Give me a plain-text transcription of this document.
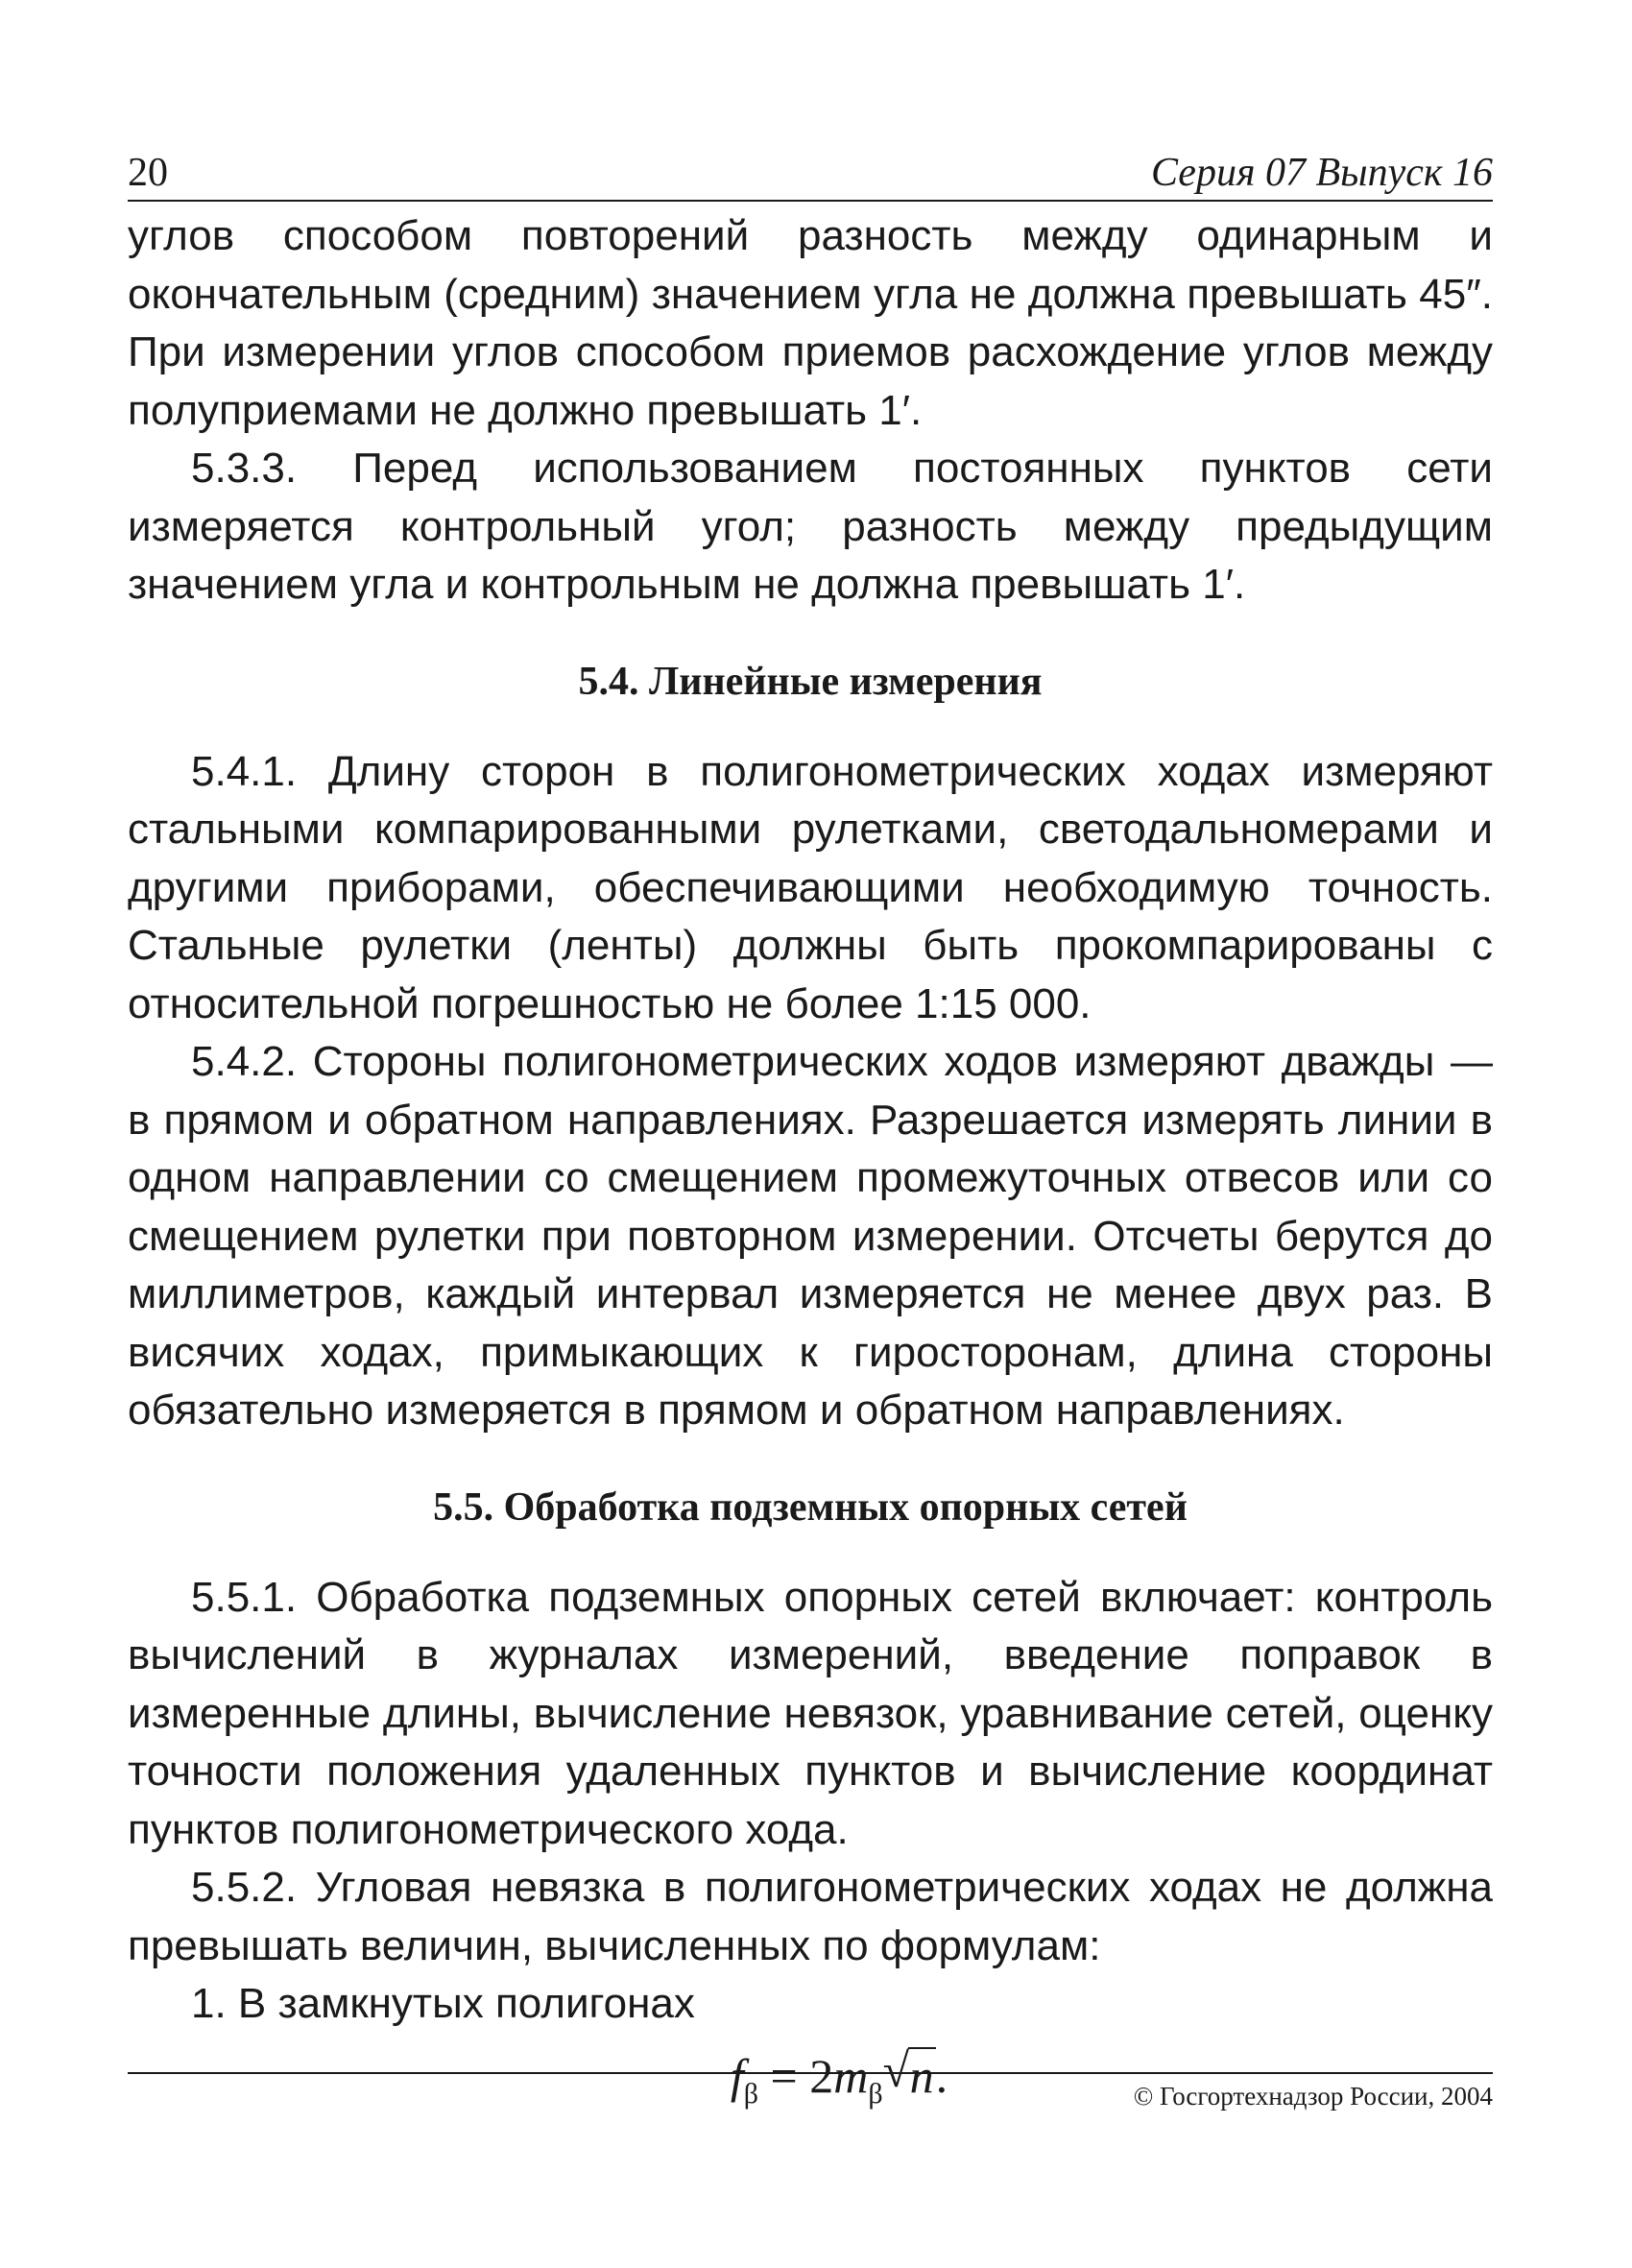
20	Серия 07 Выпуск 16

углов способом повторений разность между одинарным и окончательным (средним) значением угла не должна превышать 45″. При измерении углов способом приемов расхождение углов между полуприемами не должно превышать 1′.

5.3.3. Перед использованием постоянных пунктов сети измеряется контрольный угол; разность между предыдущим значением угла и контрольным не должна превышать 1′.

5.4. Линейные измерения

5.4.1. Длину сторон в полигонометрических ходах измеряют стальными компарированными рулетками, светодальномерами и другими приборами, обеспечивающими необходимую точность. Стальные рулетки (ленты) должны быть прокомпарированы с относительной погрешностью не более 1:15 000.

5.4.2. Стороны полигонометрических ходов измеряют дважды — в прямом и обратном направлениях. Разрешается измерять линии в одном направлении со смещением промежуточных отвесов или со смещением рулетки при повторном измерении. Отсчеты берутся до миллиметров, каждый интервал измеряется не менее двух раз. В висячих ходах, примыкающих к гиросторонам, длина стороны обязательно измеряется в прямом и обратном направлениях.

5.5. Обработка подземных опорных сетей

5.5.1. Обработка подземных опорных сетей включает: контроль вычислений в журналах измерений, введение поправок в измеренные длины, вычисление невязок, уравнивание сетей, оценку точности положения удаленных пунктов и вычисление координат пунктов полигонометрического хода.

5.5.2. Угловая невязка в полигонометрических ходах не должна превышать величин, вычисленных по формулам:

1. В замкнутых полигонах

$f_\beta = 2m_\beta$ √ n.	© Госгортехнадзор России, 2004
